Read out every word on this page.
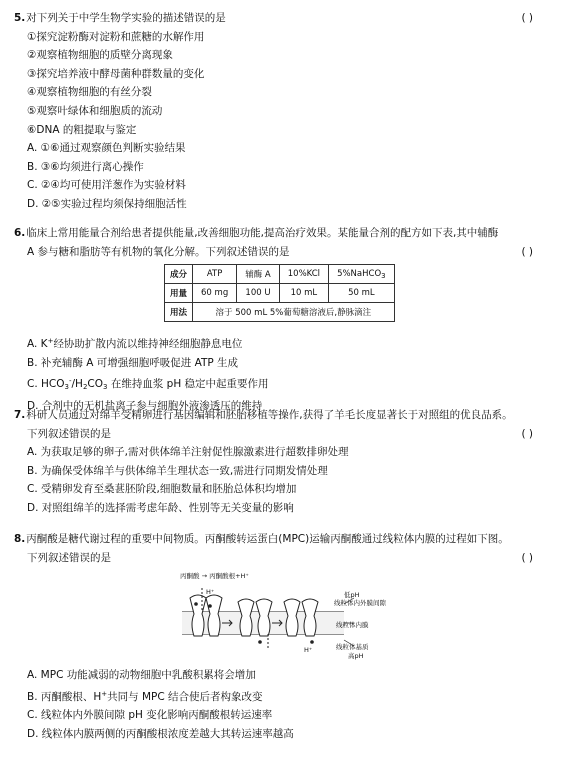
5.对下列关于中学生物学实验的描述错误的是	( )
①探究淀粉酶对淀粉和蔗糖的水解作用
②观察植物细胞的质壁分离现象
③探究培养液中酵母菌种群数量的变化
④观察植物细胞的有丝分裂
⑤观察叶绿体和细胞质的流动
⑥DNA 的粗提取与鉴定
A. ①⑥通过观察颜色判断实验结果
B. ③⑥均须进行离心操作
C. ②④均可使用洋葱作为实验材料
D. ②⑤实验过程均须保持细胞活性
6.临床上常用能量合剂给患者提供能量,改善细胞功能,提高治疗效果。某能量合剂的配方如下表,其中辅酶
A 参与糖和脂肪等有机物的氧化分解。下列叙述错误的是	( )
成分	ATP	辅酶 A	10%KCl	5%NaHCO$_3$
用量	60 mg	100 U	10 mL	50 mL
用法	溶于 500 mL 5%葡萄糖溶液后,静脉滴注			
A. K+经协助扩散内流以维持神经细胞静息电位
B. 补充辅酶 A 可增强细胞呼吸促进 ATP 生成
C. $HCO_3^-/H_2CO_3$ 在维持血浆 pH 稳定中起重要作用
D. 合剂中的无机盐离子参与细胞外液渗透压的维持
7.科研人员通过对绵羊受精卵进行基因编辑和胚胎移植等操作,获得了羊毛长度显著长于对照组的优良品系。
下列叙述错误的是	( )
A. 为获取足够的卵子,需对供体绵羊注射促性腺激素进行超数排卵处理
B. 为确保受体绵羊与供体绵羊生理状态一致,需进行同期发情处理
C. 受精卵发育至桑葚胚阶段,细胞数量和胚胎总体积均增加
D. 对照组绵羊的选择需考虑年龄、性别等无关变量的影响
8.丙酮酸是糖代谢过程的重要中间物质。丙酮酸转运蛋白(MPC)运输丙酮酸通过线粒体内膜的过程如下图。
下列叙述错误的是	( )
丙酮酸 → 丙酮酸根+H⁺
H⁺	低pH
线粒体内外膜间隙
线粒体内膜
线粒体基质
高pH
H⁺
A. MPC 功能减弱的动物细胞中乳酸积累将会增加
B. 丙酮酸根、H+共同与 MPC 结合使后者构象改变
C. 线粒体内外膜间隙 pH 变化影响丙酮酸根转运速率
D. 线粒体内膜两侧的丙酮酸根浓度差越大其转运速率越高
